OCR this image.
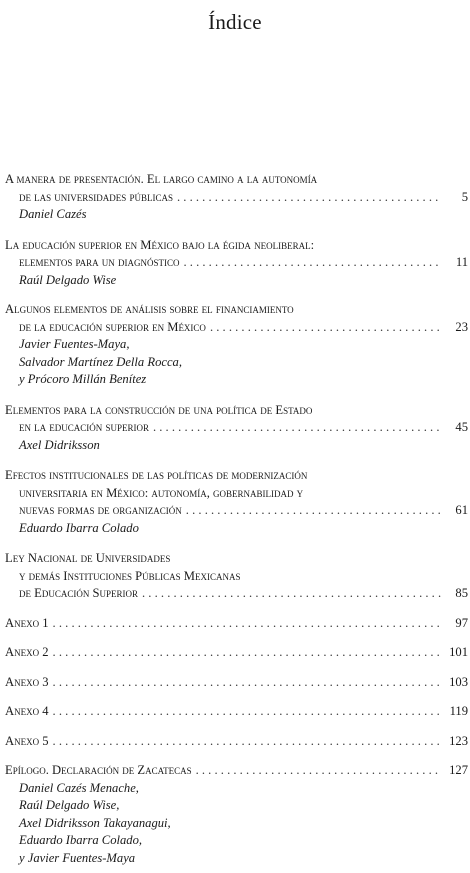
Índice
A manera de presentación. El largo camino a la autonomía
de las universidades públicas . . .	5
Daniel Cazés
La educación superior en México bajo la égida neoliberal:
elementos para un diagnóstico . . .	11
Raúl Delgado Wise
Algunos elementos de análisis sobre el financiamiento
de la educación superior en México . . .	23
Javier Fuentes-Maya,
Salvador Martínez Della Rocca,
y Prócoro Millán Benítez
Elementos para la construcción de una política de Estado
en la educación superior . . .	45
Axel Didriksson
Efectos institucionales de las políticas de modernización
universitaria en México: autonomía, gobernabilidad y
nuevas formas de organización . . .	61
Eduardo Ibarra Colado
Ley Nacional de Universidades
y demás Instituciones Públicas Mexicanas
de Educación Superior . . .	85
Anexo 1 . . .	97
Anexo 2 . . .	101
Anexo 3 . . .	103
Anexo 4 . . .	119
Anexo 5 . . .	123
Epílogo. Declaración de Zacatecas . . .	127
Daniel Cazés Menache,
Raúl Delgado Wise,
Axel Didriksson Takayanagui,
Eduardo Ibarra Colado,
y Javier Fuentes-Maya
